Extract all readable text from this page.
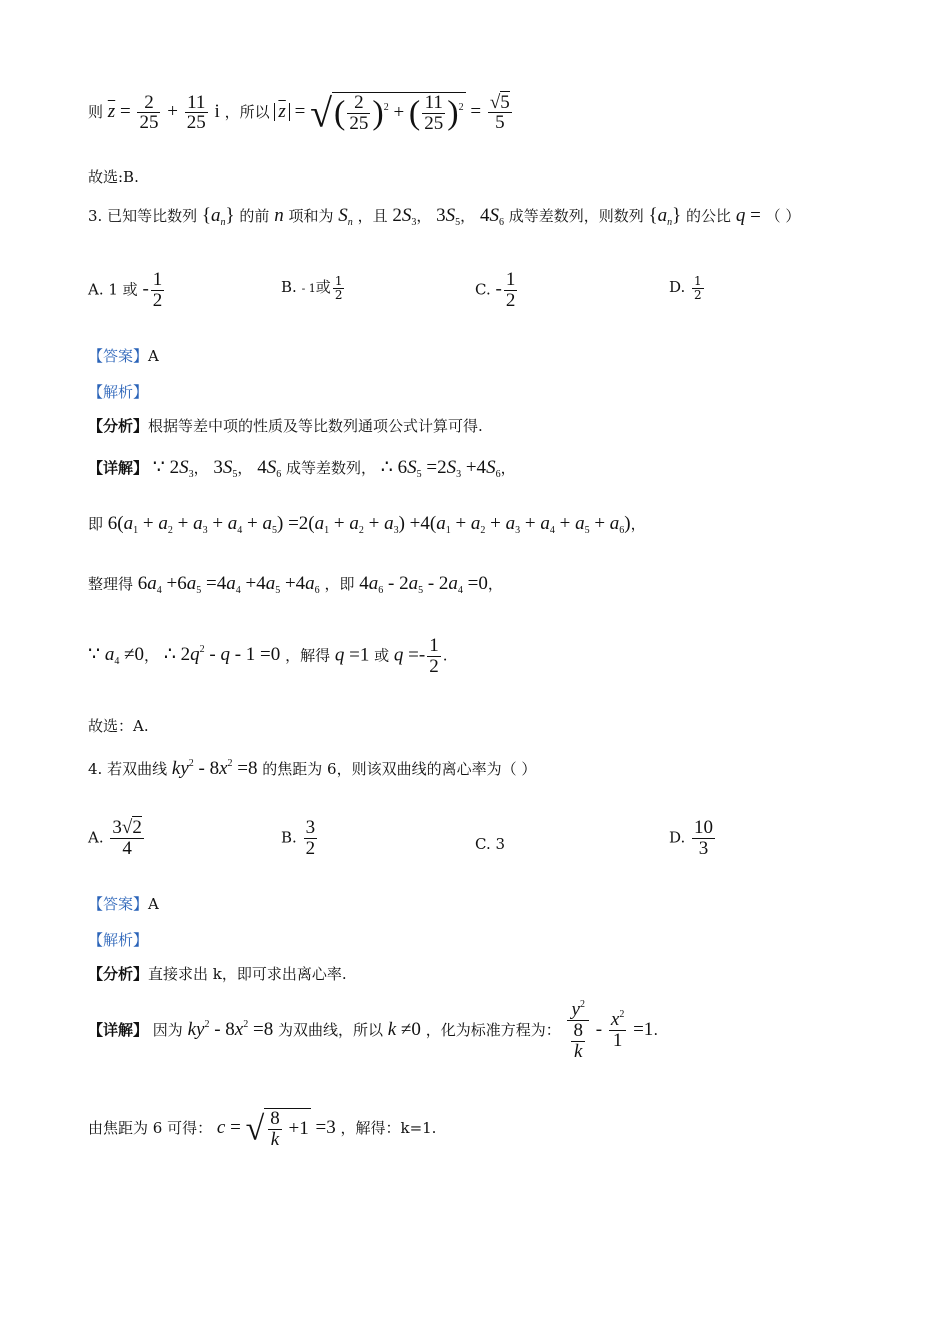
则 $\overline{z} = \frac{2}{25} + \frac{11}{25}$ i ，所以 $\overline{z}$ = √( $\frac{2}{25} )^2$ + ( $\frac{11}{25} )^2 = \frac{√5}{5}$
故选:B.
3. 已知等比数列 $\{a_n\}$ 的前 n 项和为 $S_n$ ，且 $2S_3$， $3S_5$， $4S_6$ 成等差数列，则数列 $\{a_n\}$ 的公比 q = （ ）
A. 1 或 - $\frac{1}{2}$	B. - 1或 $\frac{1}{2}$	C. - $\frac{1}{2}$	D. $\frac{1}{2}$
【答案】A
【解析】
【分析】根据等差中项的性质及等比数列通项公式计算可得.
【详解】 ∵ $2S_3$， $3S_5$， $4S_6$ 成等差数列， ∴ $6S_5 =2S_3 +4S_6$，
即 $6(a_1 + a_2 + a_3 + a_4 + a_5) =2(a_1 + a_2 + a_3) +4(a_1 + a_2 + a_3 + a_4 + a_5 + a_6)$，
整理得 $6a_4 +6a_5 =4a_4 +4a_5 +4a_6$ ，即 $4a_6 - 2a_5 - 2a_4 =0$，
∵ $a_4 \ne 0$， ∴ $2q^2 - q - 1 =0$ ，解得 q =1 或 $q =- \frac{1}{2}$ .
故选：A.
4. 若双曲线 $ky^2 - 8x^2 =8$ 的焦距为 6，则该双曲线的离心率为（ ）
A. $\frac{3√2}{4}$	B. $\frac{3}{2}$	C. 3	D. $\frac{10}{3}$
【答案】A
【解析】
【分析】直接求出 k，即可求出离心率.
【详解】 因为 $ky^2 - 8x^2 =8$ 为双曲线，所以 k ≠0 ，化为标准方程为： $\frac{y^2}{\frac{8}{k}} - \frac{x^2}{1} =1$.
由焦距为 6 可得： c = √ $\frac{8}{k} +1 =3$ ，解得：k=1.
